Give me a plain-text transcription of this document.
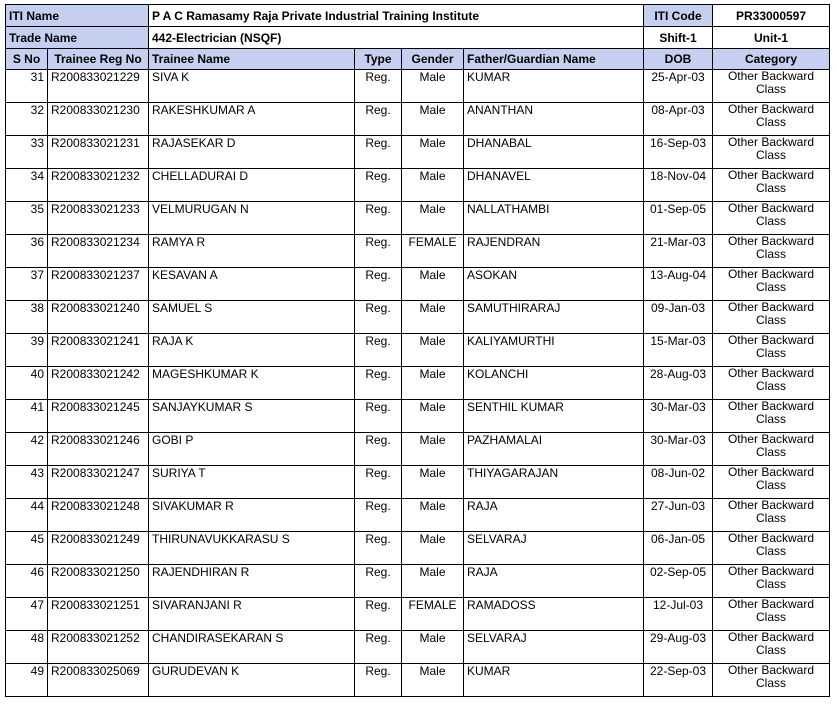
ITI Name		P A C Ramasamy Raja Private Industrial Training Institute				ITI Code	PR33000597
Trade Name		442-Electrician (NSQF)				Shift-1	Unit-1
S No	Trainee Reg No	Trainee Name	Type	Gender	Father/Guardian Name	DOB	Category
31	R200833021229	SIVA K	Reg.	Male	KUMAR	25-Apr-03	Other Backward Class
32	R200833021230	RAKESHKUMAR A	Reg.	Male	ANANTHAN	08-Apr-03	Other Backward Class
33	R200833021231	RAJASEKAR D	Reg.	Male	DHANABAL	16-Sep-03	Other Backward Class
34	R200833021232	CHELLADURAI D	Reg.	Male	DHANAVEL	18-Nov-04	Other Backward Class
35	R200833021233	VELMURUGAN N	Reg.	Male	NALLATHAMBI	01-Sep-05	Other Backward Class
36	R200833021234	RAMYA R	Reg.	FEMALE	RAJENDRAN	21-Mar-03	Other Backward Class
37	R200833021237	KESAVAN A	Reg.	Male	ASOKAN	13-Aug-04	Other Backward Class
38	R200833021240	SAMUEL S	Reg.	Male	SAMUTHIRARAJ	09-Jan-03	Other Backward Class
39	R200833021241	RAJA K	Reg.	Male	KALIYAMURTHI	15-Mar-03	Other Backward Class
40	R200833021242	MAGESHKUMAR K	Reg.	Male	KOLANCHI	28-Aug-03	Other Backward Class
41	R200833021245	SANJAYKUMAR S	Reg.	Male	SENTHIL KUMAR	30-Mar-03	Other Backward Class
42	R200833021246	GOBI P	Reg.	Male	PAZHAMALAI	30-Mar-03	Other Backward Class
43	R200833021247	SURIYA T	Reg.	Male	THIYAGARAJAN	08-Jun-02	Other Backward Class
44	R200833021248	SIVAKUMAR R	Reg.	Male	RAJA	27-Jun-03	Other Backward Class
45	R200833021249	THIRUNAVUKKARASU S	Reg.	Male	SELVARAJ	06-Jan-05	Other Backward Class
46	R200833021250	RAJENDHIRAN R	Reg.	Male	RAJA	02-Sep-05	Other Backward Class
47	R200833021251	SIVARANJANI R	Reg.	FEMALE	RAMADOSS	12-Jul-03	Other Backward Class
48	R200833021252	CHANDIRASEKARAN S	Reg.	Male	SELVARAJ	29-Aug-03	Other Backward Class
49	R200833025069	GURUDEVAN K	Reg.	Male	KUMAR	22-Sep-03	Other Backward Class
